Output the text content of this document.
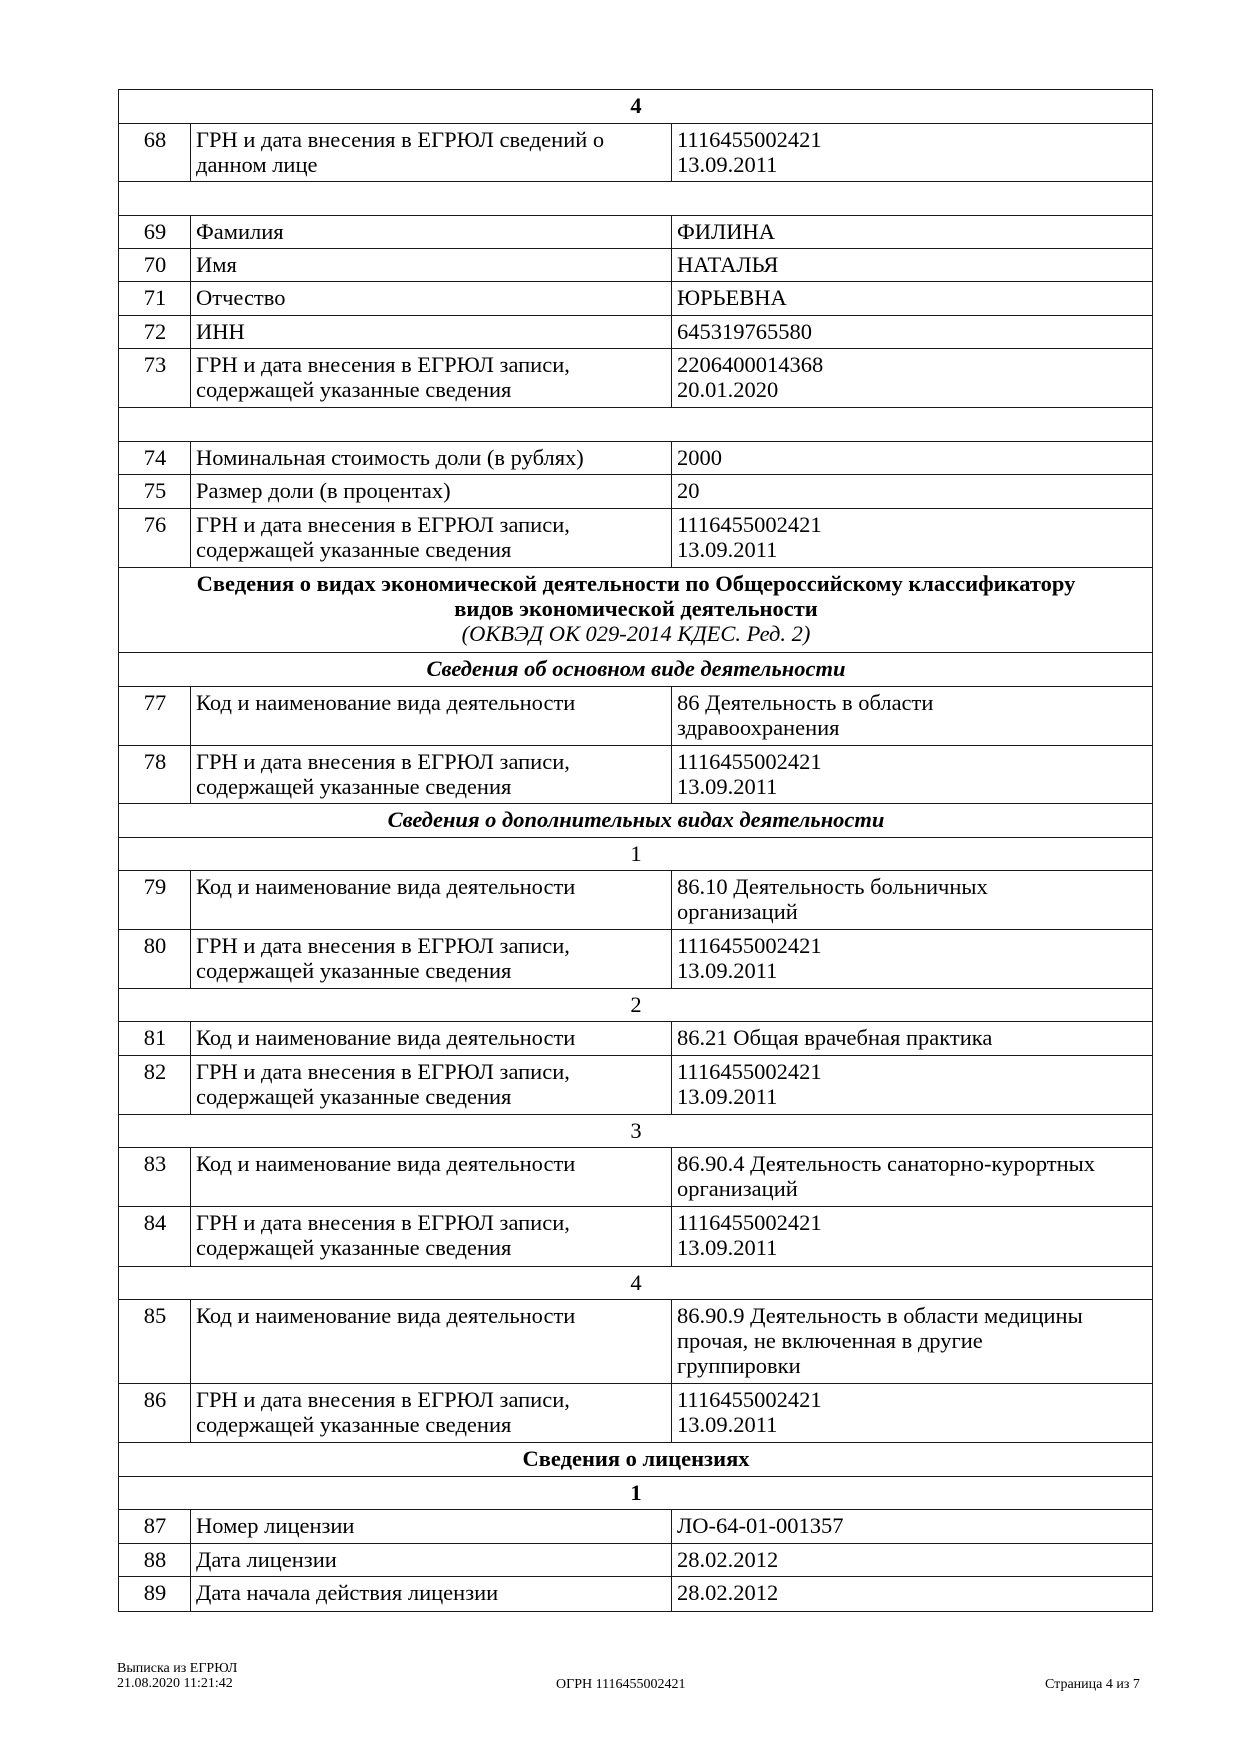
4		
68	ГРН и дата внесения в ЕГРЮЛ сведений о данном лице	1116455002421
13.09.2011

69	Фамилия	ФИЛИНА
70	Имя	НАТАЛЬЯ
71	Отчество	ЮРЬЕВНА
72	ИНН	645319765580
73	ГРН и дата внесения в ЕГРЮЛ записи,
содержащей указанные сведения	2206400014368
20.01.2020

74	Номинальная стоимость доли (в рублях)	2000
75	Размер доли (в процентах)	20
76	ГРН и дата внесения в ЕГРЮЛ записи,
содержащей указанные сведения	1116455002421
13.09.2011

Сведения о видах экономической деятельности по Общероссийскому классификатору
видов экономической деятельности
(ОКВЭД ОК 029-2014 КДЕС. Ред. 2)		

Сведения об основном виде деятельности		
77	Код и наименование вида деятельности	86 Деятельность в области
здравоохранения

78	ГРН и дата внесения в ЕГРЮЛ записи,
содержащей указанные сведения	1116455002421
13.09.2011

Сведения о дополнительных видах деятельности		
1		
79	Код и наименование вида деятельности	86.10 Деятельность больничных
организаций

80	ГРН и дата внесения в ЕГРЮЛ записи,
содержащей указанные сведения	1116455002421
13.09.2011

2		
81	Код и наименование вида деятельности	86.21 Общая врачебная практика
82	ГРН и дата внесения в ЕГРЮЛ записи,
содержащей указанные сведения	1116455002421
13.09.2011

3		
83	Код и наименование вида деятельности	86.90.4 Деятельность санаторно-курортных
организаций

84	ГРН и дата внесения в ЕГРЮЛ записи,
содержащей указанные сведения	1116455002421
13.09.2011

4		
85	Код и наименование вида деятельности	86.90.9 Деятельность в области медицины
прочая, не включенная в другие
группировки

86	ГРН и дата внесения в ЕГРЮЛ записи,
содержащей указанные сведения	1116455002421
13.09.2011

Сведения о лицензиях		
1		
87	Номер лицензии	ЛО-64-01-001357
88	Дата лицензии	28.02.2012
89	Дата начала действия лицензии	28.02.2012
Выписка из ЕГРЮЛ
21.08.2020 11:21:42	ОГРН 1116455002421	Страница 4 из 7
